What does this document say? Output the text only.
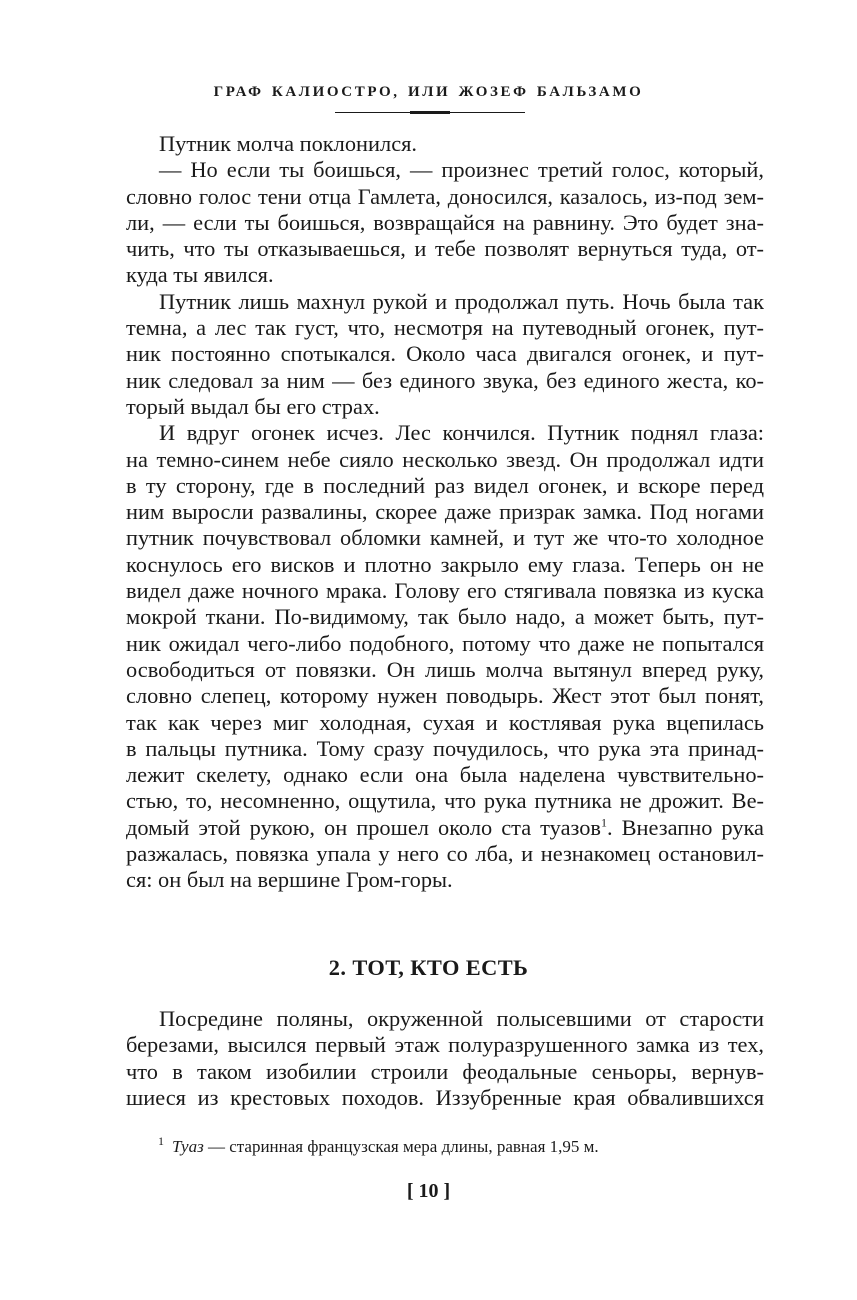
ГРАФ КАЛИОСТРО, ИЛИ ЖОЗЕФ БАЛЬЗАМО
Путник молча поклонился.
— Но если ты боишься, — произнес третий голос, который,
словно голос тени отца Гамлета, доносился, казалось, из-под зем-
ли, — если ты боишься, возвращайся на равнину. Это будет зна-
чить, что ты отказываешься, и тебе позволят вернуться туда, от-
куда ты явился.
Путник лишь махнул рукой и продолжал путь. Ночь была так
темна, а лес так густ, что, несмотря на путеводный огонек, пут-
ник постоянно спотыкался. Около часа двигался огонек, и пут-
ник следовал за ним — без единого звука, без единого жеста, ко-
торый выдал бы его страх.
И вдруг огонек исчез. Лес кончился. Путник поднял глаза:
на темно-синем небе сияло несколько звезд. Он продолжал идти
в ту сторону, где в последний раз видел огонек, и вскоре перед
ним выросли развалины, скорее даже призрак замка. Под ногами
путник почувствовал обломки камней, и тут же что-то холодное
коснулось его висков и плотно закрыло ему глаза. Теперь он не
видел даже ночного мрака. Голову его стягивала повязка из куска
мокрой ткани. По-видимому, так было надо, а может быть, пут-
ник ожидал чего-либо подобного, потому что даже не попытался
освободиться от повязки. Он лишь молча вытянул вперед руку,
словно слепец, которому нужен поводырь. Жест этот был понят,
так как через миг холодная, сухая и костлявая рука вцепилась
в пальцы путника. Тому сразу почудилось, что рука эта принад-
лежит скелету, однако если она была наделена чувствительно-
стью, то, несомненно, ощутила, что рука путника не дрожит. Ве-
домый этой рукою, он прошел около ста туазов$^1$. Внезапно рука
разжалась, повязка упала у него со лба, и незнакомец остановил-
ся: он был на вершине Гром-горы.
2. ТОТ, КТО ЕСТЬ
Посредине поляны, окруженной полысевшими от старости
березами, высился первый этаж полуразрушенного замка из тех,
что в таком изобилии строили феодальные сеньоры, вернув-
шиеся из крестовых походов. Иззубренные края обвалившихся
$^1$ Туаз — старинная французская мера длины, равная 1,95 м.
[ 10 ]
